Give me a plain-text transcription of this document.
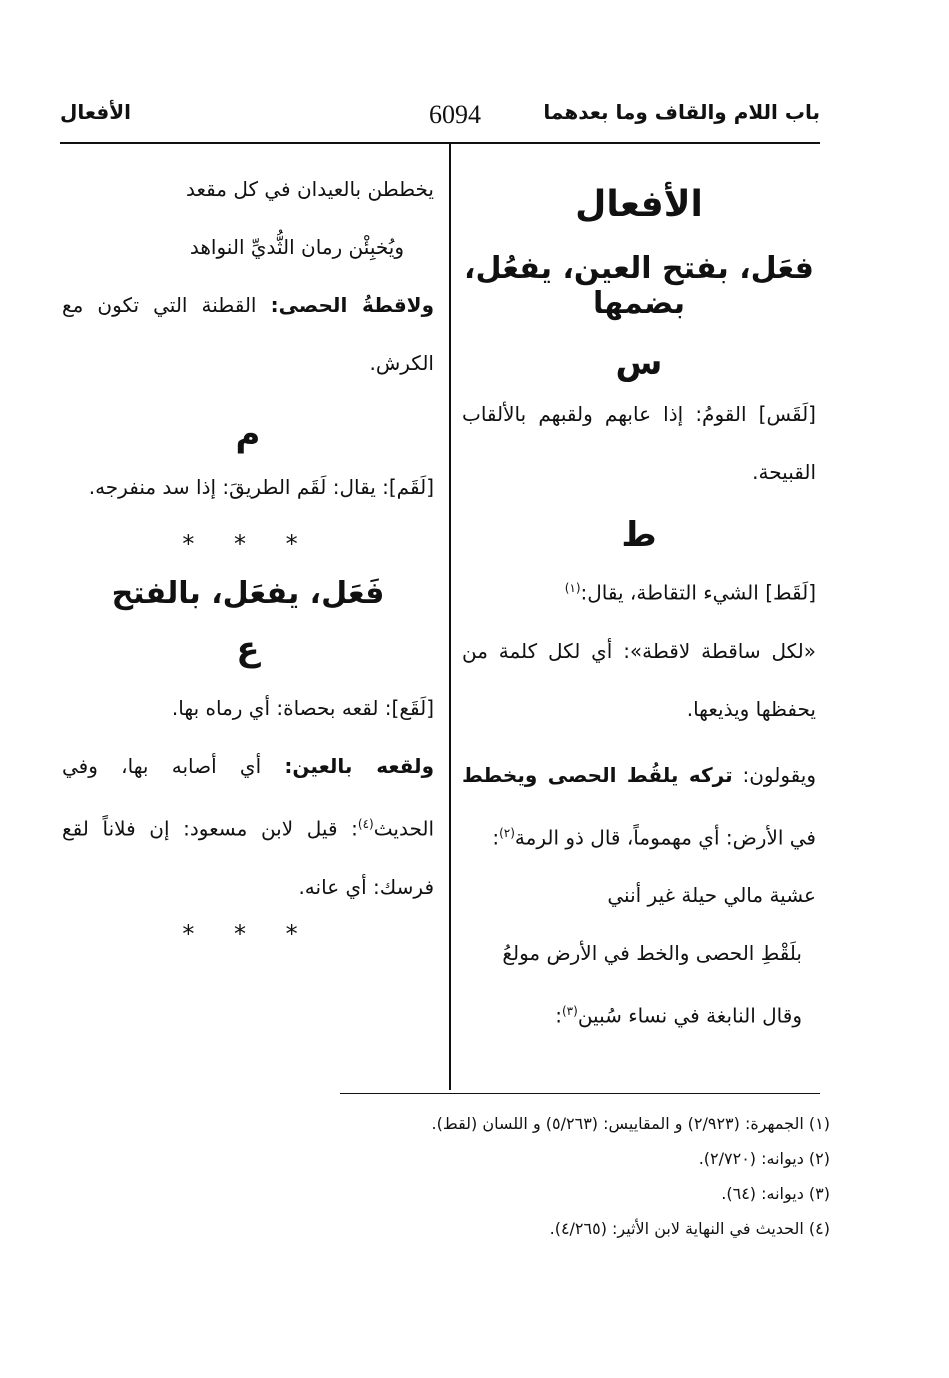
باب اللام والقاف وما بعدهما
6094
الأفعال

الأفعال

فعَل، بفتح العين، يفعُل، بضمها

س

[لَقَس] القومُ: إذا عابهم ولقبهم بالألقاب القبيحة.

ط

[لَقَط] الشيء التقاطة، يقال:$^{(١)}$

«لكل ساقطة لاقطة»: أي لكل كلمة من يحفظها ويذيعها.

ويقولون: تركه يلقُط الحصى ويخطط في الأرض: أي مهموماً، قال ذو الرمة$^{(٢)}$:

عشية مالي حيلة غير أنني

بلَقْطِ الحصى والخط في الأرض مولعُ

وقال النابغة في نساء سُبين$^{(٣)}$:

يخططن بالعيدان في كل مقعد

ويُخبِئْن رمان الثُّديِّ النواهد

ولاقطةُ الحصى: القطنة التي تكون مع الكرش.

م

[لَقَم]: يقال: لَقَم الطريقَ: إذا سد منفرجه.

* * *

فَعَل، يفعَل، بالفتح

ع

[لَقَع]: لقعه بحصاة: أي رماه بها.

ولقعه بالعين: أي أصابه بها، وفي الحديث$^{(٤)}$: قيل لابن مسعود: إن فلاناً لقع فرسك: أي عانه.

* * *

(١) الجمهرة: (٢/٩٢٣) و المقاييس: (٥/٢٦٣) و اللسان (لقط).

(٢) ديوانه: (٢/٧٢٠).

(٣) ديوانه: (٦٤).

(٤) الحديث في النهاية لابن الأثير: (٤/٢٦٥).
